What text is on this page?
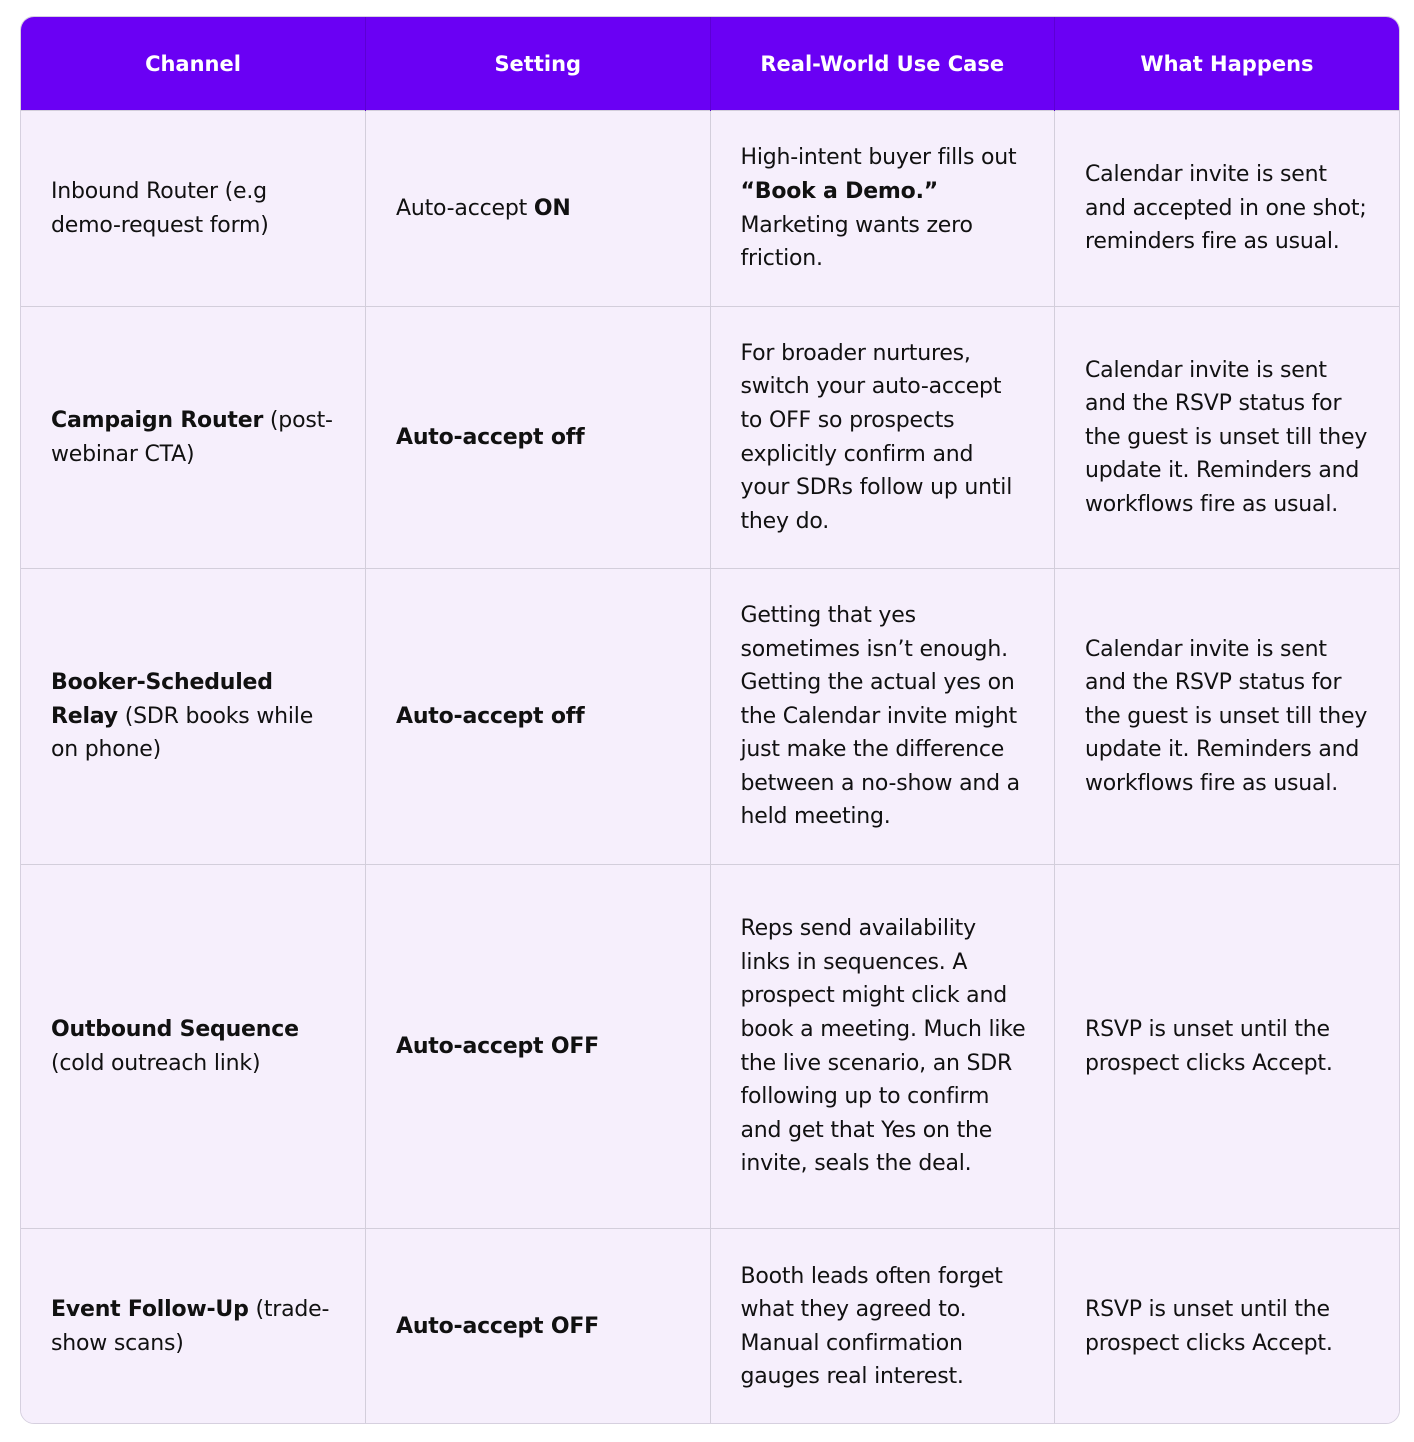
Channel	Setting	Real-World Use Case	What Happens
Inbound Router (e.g demo-request form)	Auto-accept ON	High-intent buyer fills out “Book a Demo.” Marketing wants zero friction.	Calendar invite is sent and accepted in one shot; reminders fire as usual.
Campaign Router (post-webinar CTA)	Auto-accept off	For broader nurtures, switch your auto-accept to OFF so prospects explicitly confirm and your SDRs follow up until they do.	Calendar invite is sent and the RSVP status for the guest is unset till they update it. Reminders and workflows fire as usual.
Booker-Scheduled Relay (SDR books while on phone)	Auto-accept off	Getting that yes sometimes isn’t enough. Getting the actual yes on the Calendar invite might just make the difference between a no-show and a held meeting.	Calendar invite is sent and the RSVP status for the guest is unset till they update it. Reminders and workflows fire as usual.
Outbound Sequence (cold outreach link)	Auto-accept OFF	Reps send availability links in sequences. A prospect might click and book a meeting. Much like the live scenario, an SDR following up to confirm and get that Yes on the invite, seals the deal.	RSVP is unset until the prospect clicks Accept.
Event Follow-Up (trade-show scans)	Auto-accept OFF	Booth leads often forget what they agreed to. Manual confirmation gauges real interest.	RSVP is unset until the prospect clicks Accept.
